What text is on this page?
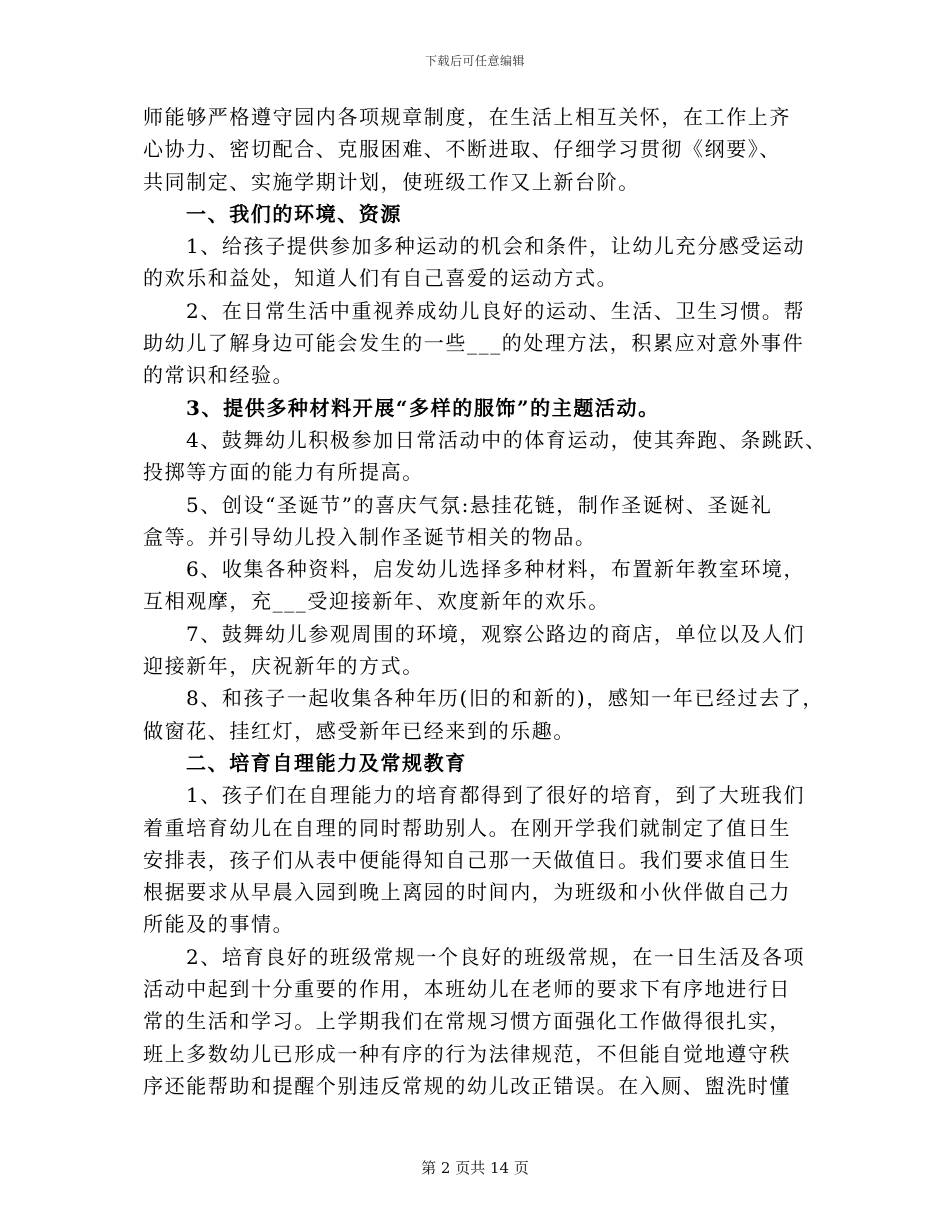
下载后可任意编辑
师能够严格遵守园内各项规章制度，在生活上相互关怀，在工作上齐
心协力、密切配合、克服困难、不断进取、仔细学习贯彻《纲要》、
共同制定、实施学期计划，使班级工作又上新台阶。
一、我们的环境、资源
1、给孩子提供参加多种运动的机会和条件，让幼儿充分感受运动
的欢乐和益处，知道人们有自己喜爱的运动方式。
2、在日常生活中重视养成幼儿良好的运动、生活、卫生习惯。帮
助幼儿了解身边可能会发生的一些___的处理方法，积累应对意外事件
的常识和经验。
3、提供多种材料开展“多样的服饰”的主题活动。
4、鼓舞幼儿积极参加日常活动中的体育运动，使其奔跑、条跳跃、
投掷等方面的能力有所提高。
5、创设“圣诞节”的喜庆气氛:悬挂花链，制作圣诞树、圣诞礼
盒等。并引导幼儿投入制作圣诞节相关的物品。
6、收集各种资料，启发幼儿选择多种材料，布置新年教室环境，
互相观摩，充___受迎接新年、欢度新年的欢乐。
7、鼓舞幼儿参观周围的环境，观察公路边的商店，单位以及人们
迎接新年，庆祝新年的方式。
8、和孩子一起收集各种年历(旧的和新的)，感知一年已经过去了，
做窗花、挂红灯，感受新年已经来到的乐趣。
二、培育自理能力及常规教育
1、孩子们在自理能力的培育都得到了很好的培育，到了大班我们
着重培育幼儿在自理的同时帮助别人。在刚开学我们就制定了值日生
安排表，孩子们从表中便能得知自己那一天做值日。我们要求值日生
根据要求从早晨入园到晚上离园的时间内，为班级和小伙伴做自己力
所能及的事情。
2、培育良好的班级常规一个良好的班级常规，在一日生活及各项
活动中起到十分重要的作用，本班幼儿在老师的要求下有序地进行日
常的生活和学习。上学期我们在常规习惯方面强化工作做得很扎实，
班上多数幼儿已形成一种有序的行为法律规范，不但能自觉地遵守秩
序还能帮助和提醒个别违反常规的幼儿改正错误。在入厕、盥洗时懂
第 2 页共 14 页
